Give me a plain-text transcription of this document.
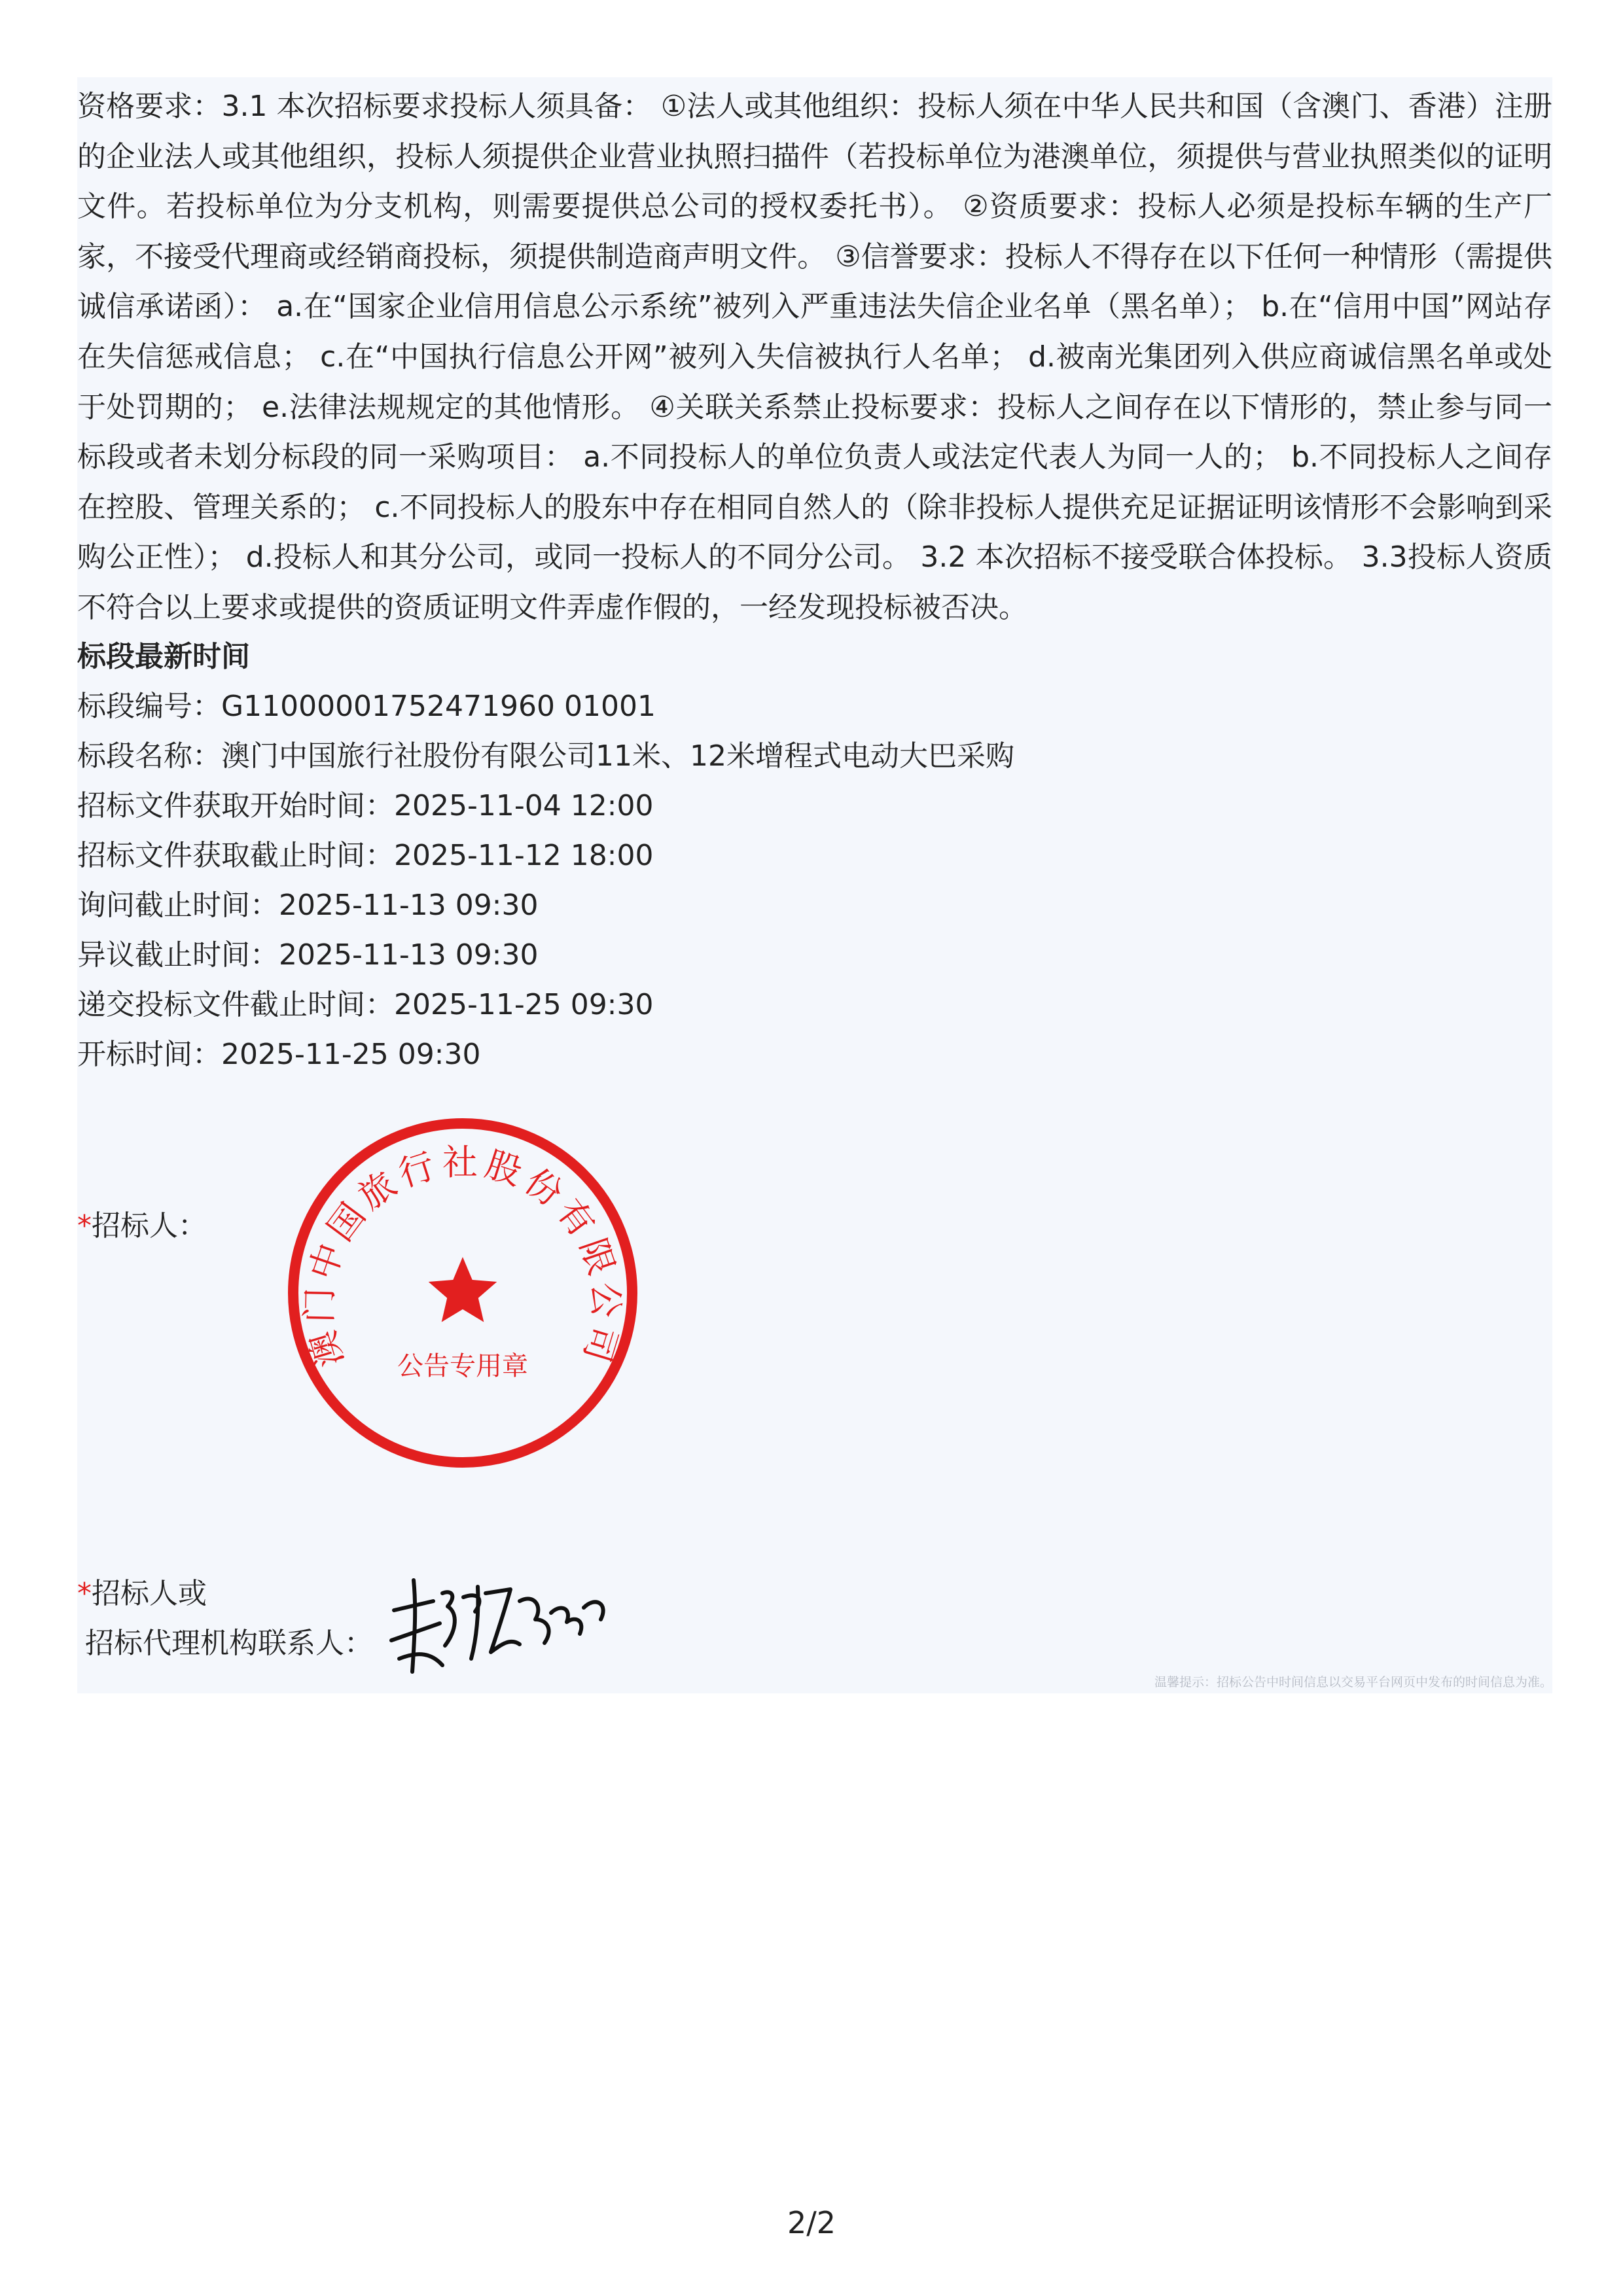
资格要求：3.1 本次招标要求投标人须具备： ①法人或其他组织：投标人须在中华人民共和国（含澳门、香港）注册的企业法人或其他组织，投标人须提供企业营业执照扫描件（若投标单位为港澳单位，须提供与营业执照类似的证明文件。若投标单位为分支机构，则需要提供总公司的授权委托书）。 ②资质要求：投标人必须是投标车辆的生产厂家，不接受代理商或经销商投标，须提供制造商声明文件。 ③信誉要求：投标人不得存在以下任何一种情形（需提供诚信承诺函）： a.在“国家企业信用信息公示系统”被列入严重违法失信企业名单（黑名单）； b.在“信用中国”网站存在失信惩戒信息； c.在“中国执行信息公开网”被列入失信被执行人名单； d.被南光集团列入供应商诚信黑名单或处于处罚期的； e.法律法规规定的其他情形。 ④关联关系禁止投标要求：投标人之间存在以下情形的，禁止参与同一标段或者未划分标段的同一采购项目： a.不同投标人的单位负责人或法定代表人为同一人的； b.不同投标人之间存在控股、管理关系的； c.不同投标人的股东中存在相同自然人的（除非投标人提供充足证据证明该情形不会影响到采购公正性）； d.投标人和其分公司，或同一投标人的不同分公司。 3.2 本次招标不接受联合体投标。 3.3投标人资质不符合以上要求或提供的资质证明文件弄虚作假的，一经发现投标被否决。

标段最新时间
标段编号：G11000001752471960 01001
标段名称：澳门中国旅行社股份有限公司11米、12米增程式电动大巴采购
招标文件获取开始时间：2025-11-04 12:00
招标文件获取截止时间：2025-11-12 18:00
询问截止时间：2025-11-13 09:30
异议截止时间：2025-11-13 09:30
递交投标文件截止时间：2025-11-25 09:30
开标时间：2025-11-25 09:30
*招标人：
澳门中国旅行社股份有限公司
公告专用章
*招标人或
招标代理机构联系人：
温馨提示：招标公告中时间信息以交易平台网页中发布的时间信息为准。
2/2
